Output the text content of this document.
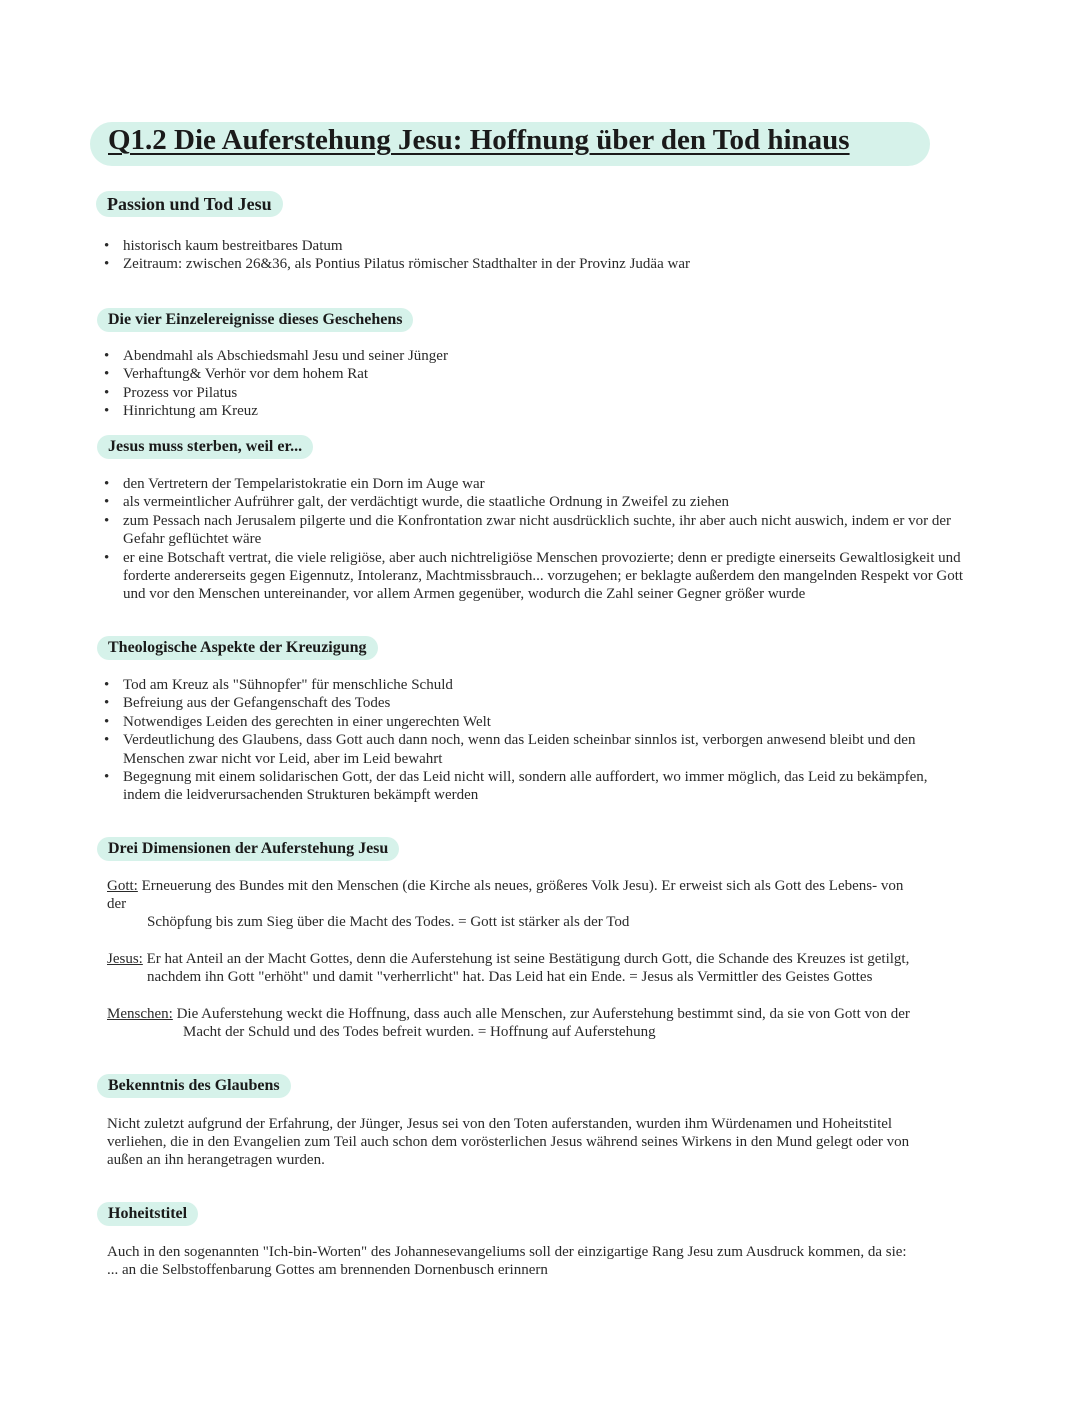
Q1.2 Die Auferstehung Jesu: Hoffnung über den Tod hinaus
Passion und Tod Jesu
• historisch kaum bestreitbares Datum
• Zeitraum: zwischen 26&36, als Pontius Pilatus römischer Stadthalter in der Provinz Judäa war
Die vier Einzelereignisse dieses Geschehens
• Abendmahl als Abschiedsmahl Jesu und seiner Jünger
• Verhaftung& Verhör vor dem hohem Rat
• Prozess vor Pilatus
• Hinrichtung am Kreuz
Jesus muss sterben, weil er...
• den Vertretern der Tempelaristokratie ein Dorn im Auge war
• als vermeintlicher Aufrührer galt, der verdächtigt wurde, die staatliche Ordnung in Zweifel zu ziehen
• zum Pessach nach Jerusalem pilgerte und die Konfrontation zwar nicht ausdrücklich suchte, ihr aber auch nicht auswich, indem er vor der Gefahr geflüchtet wäre
• er eine Botschaft vertrat, die viele religiöse, aber auch nichtreligiöse Menschen provozierte; denn er predigte einerseits Gewaltlosigkeit und forderte andererseits gegen Eigennutz, Intoleranz, Machtmissbrauch... vorzugehen; er beklagte außerdem den mangelnden Respekt vor Gott und vor den Menschen untereinander, vor allem Armen gegenüber, wodurch die Zahl seiner Gegner größer wurde
Theologische Aspekte der Kreuzigung
• Tod am Kreuz als "Sühnopfer" für menschliche Schuld
• Befreiung aus der Gefangenschaft des Todes
• Notwendiges Leiden des gerechten in einer ungerechten Welt
• Verdeutlichung des Glaubens, dass Gott auch dann noch, wenn das Leiden scheinbar sinnlos ist, verborgen anwesend bleibt und den Menschen zwar nicht vor Leid, aber im Leid bewahrt
• Begegnung mit einem solidarischen Gott, der das Leid nicht will, sondern alle auffordert, wo immer möglich, das Leid zu bekämpfen, indem die leidverursachenden Strukturen bekämpft werden
Drei Dimensionen der Auferstehung Jesu
Gott: Erneuerung des Bundes mit den Menschen (die Kirche als neues, größeres Volk Jesu). Er erweist sich als Gott des Lebens- von
der
Schöpfung bis zum Sieg über die Macht des Todes. = Gott ist stärker als der Tod
Jesus: Er hat Anteil an der Macht Gottes, denn die Auferstehung ist seine Bestätigung durch Gott, die Schande des Kreuzes ist getilgt,
nachdem ihn Gott "erhöht" und damit "verherrlicht" hat. Das Leid hat ein Ende. = Jesus als Vermittler des Geistes Gottes
Menschen: Die Auferstehung weckt die Hoffnung, dass auch alle Menschen, zur Auferstehung bestimmt sind, da sie von Gott von der
Macht der Schuld und des Todes befreit wurden. = Hoffnung auf Auferstehung
Bekenntnis des Glaubens
Nicht zuletzt aufgrund der Erfahrung, der Jünger, Jesus sei von den Toten auferstanden, wurden ihm Würdenamen und Hoheitstitel
verliehen, die in den Evangelien zum Teil auch schon dem vorösterlichen Jesus während seines Wirkens in den Mund gelegt oder von
außen an ihn herangetragen wurden.
Hoheitstitel
Auch in den sogenannten "Ich-bin-Worten" des Johannesevangeliums soll der einzigartige Rang Jesu zum Ausdruck kommen, da sie:
... an die Selbstoffenbarung Gottes am brennenden Dornenbusch erinnern
